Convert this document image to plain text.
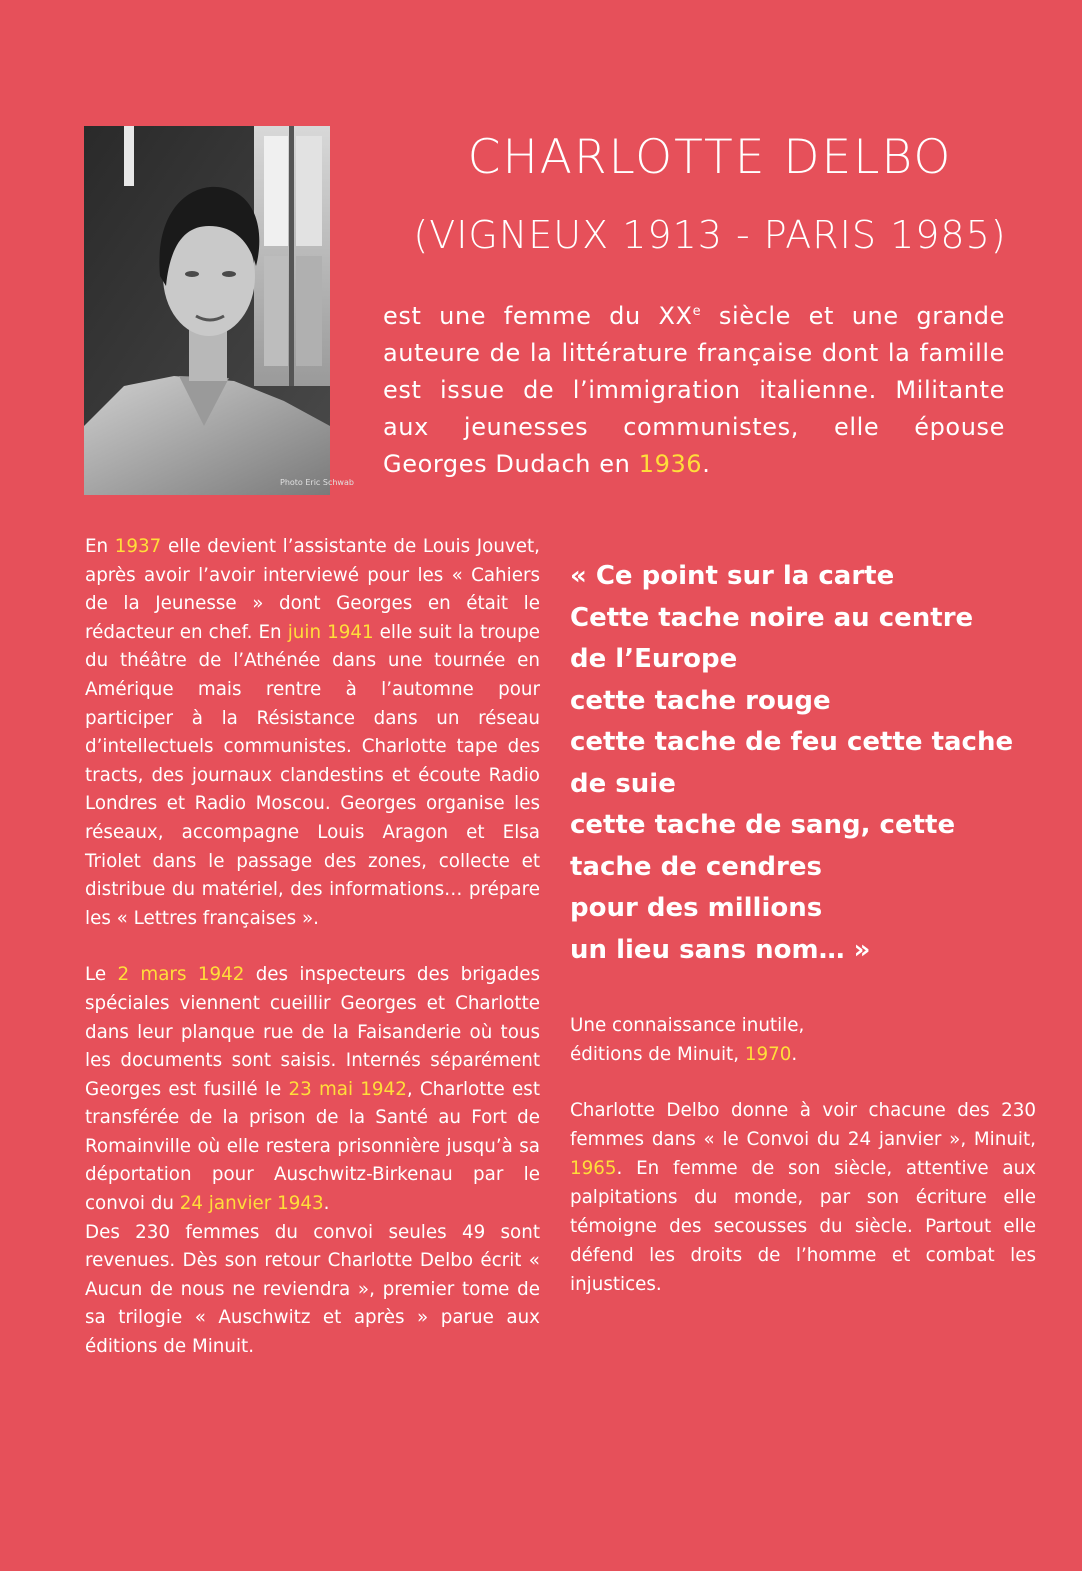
Photo Eric Schwab
CHARLOTTE DELBO
(VIGNEUX 1913 - PARIS 1985)

est une femme du XXe siècle et une grande auteure de la littérature française dont la famille est issue de l’immigration italienne. Militante aux jeunesses communistes, elle épouse Georges Dudach en 1936.

En 1937 elle devient l’assistante de Louis Jouvet, après avoir l’avoir interviewé pour les « Cahiers de la Jeunesse » dont Georges en était le rédacteur en chef. En juin 1941 elle suit la troupe du théâtre de l’Athénée dans une tournée en Amérique mais rentre à l’automne pour participer à la Résistance dans un réseau d’intellectuels communistes. Charlotte tape des tracts, des journaux clandestins et écoute Radio Londres et Radio Moscou. Georges organise les réseaux, accompagne Louis Aragon et Elsa Triolet dans le passage des zones, collecte et distribue du matériel, des informations… prépare les « Lettres françaises ».

Le 2 mars 1942 des inspecteurs des brigades spéciales viennent cueillir Georges et Charlotte dans leur planque rue de la Faisanderie où tous les documents sont saisis. Internés séparément Georges est fusillé le 23 mai 1942, Charlotte est transférée de la prison de la Santé au Fort de Romainville où elle restera prisonnière jusqu’à sa déportation pour Auschwitz-Birkenau par le convoi du 24 janvier 1943.

Des 230 femmes du convoi seules 49 sont revenues. Dès son retour Charlotte Delbo écrit « Aucun de nous ne reviendra », premier tome de sa trilogie « Auschwitz et après » parue aux éditions de Minuit.

« Ce point sur la carte
Cette tache noire au centre
de l’Europe
cette tache rouge
cette tache de feu cette tache
de suie
cette tache de sang, cette
tache de cendres
pour des millions
un lieu sans nom… »
Une connaissance inutile,
éditions de Minuit, 1970.

Charlotte Delbo donne à voir chacune des 230 femmes dans « le Convoi du 24 janvier », Minuit, 1965. En femme de son siècle, attentive aux palpitations du monde, par son écriture elle témoigne des secousses du siècle. Partout elle défend les droits de l’homme et combat les injustices.
